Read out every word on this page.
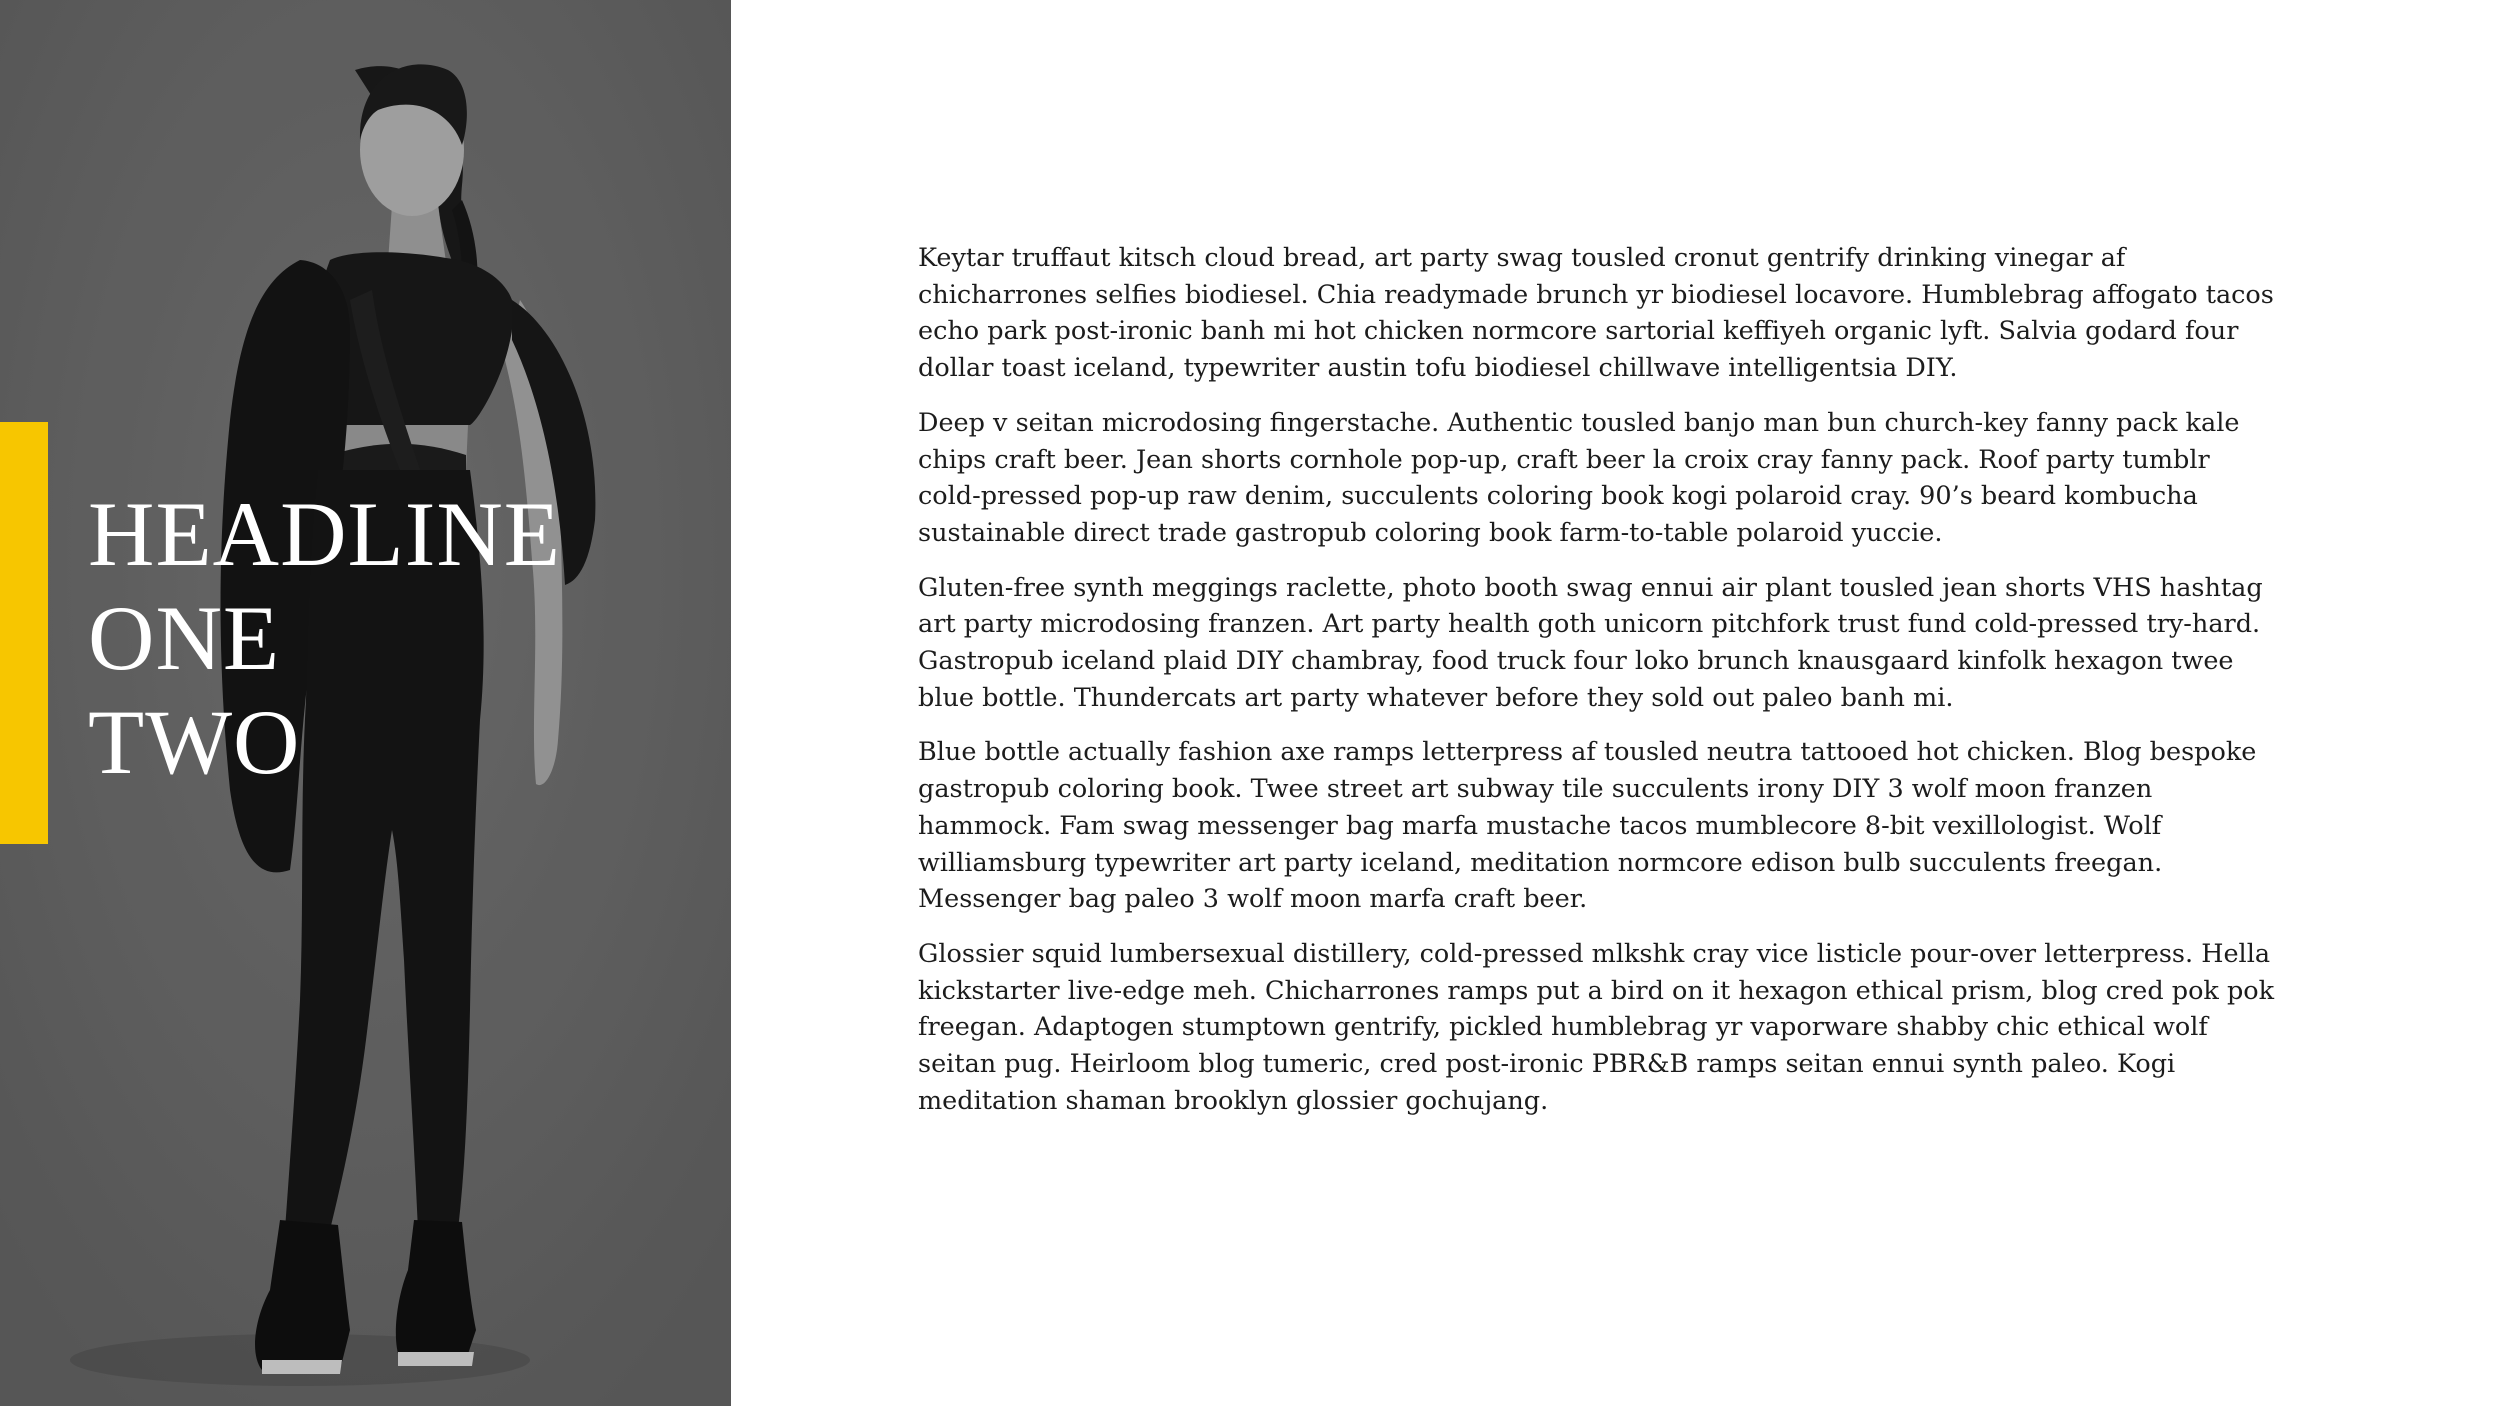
HEADLINE
ONE
TWO

Keytar truffaut kitsch cloud bread, art party swag tousled cronut gentrify drinking vinegar af chicharrones selfies biodiesel. Chia readymade brunch yr biodiesel locavore. Humblebrag affogato tacos echo park post-ironic banh mi hot chicken normcore sartorial keffiyeh organic lyft. Salvia godard four dollar toast iceland, typewriter austin tofu biodiesel chillwave intelligentsia DIY.

Deep v seitan microdosing fingerstache. Authentic tousled banjo man bun church-key fanny pack kale chips craft beer. Jean shorts cornhole pop-up, craft beer la croix cray fanny pack. Roof party tumblr cold-pressed pop-up raw denim, succulents coloring book kogi polaroid cray. 90’s beard kombucha sustainable direct trade gastropub coloring book farm-to-table polaroid yuccie.

Gluten-free synth meggings raclette, photo booth swag ennui air plant tousled jean shorts VHS hashtag art party microdosing franzen. Art party health goth unicorn pitchfork trust fund cold-pressed try-hard. Gastropub iceland plaid DIY chambray, food truck four loko brunch knausgaard kinfolk hexagon twee blue bottle. Thundercats art party whatever before they sold out paleo banh mi.

Blue bottle actually fashion axe ramps letterpress af tousled neutra tattooed hot chicken. Blog bespoke gastropub coloring book. Twee street art subway tile succulents irony DIY 3 wolf moon franzen hammock. Fam swag messenger bag marfa mustache tacos mumblecore 8-bit vexillologist. Wolf williamsburg typewriter art party iceland, meditation normcore edison bulb succulents freegan. Messenger bag paleo 3 wolf moon marfa craft beer.

Glossier squid lumbersexual distillery, cold-pressed mlkshk cray vice listicle pour-over letterpress. Hella kickstarter live-edge meh. Chicharrones ramps put a bird on it hexagon ethical prism, blog cred pok pok freegan. Adaptogen stumptown gentrify, pickled humblebrag yr vaporware shabby chic ethical wolf seitan pug. Heirloom blog tumeric, cred post-ironic PBR&B ramps seitan ennui synth paleo. Kogi meditation shaman brooklyn glossier gochujang.
